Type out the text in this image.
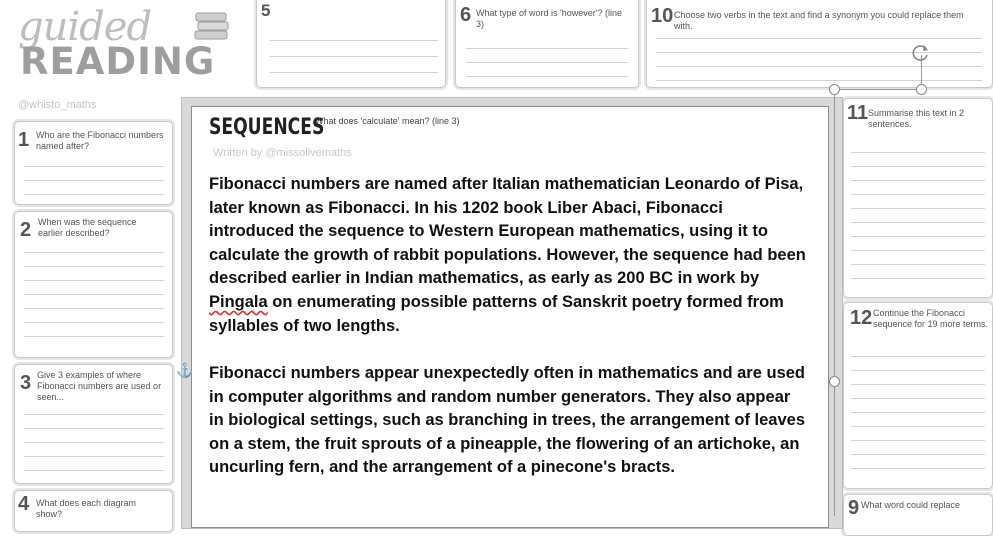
guided
READING
@whisto_maths
5	6 What type of word is 'however'? (line 3)	10 Choose two verbs in the text and find a synonym you could replace them with.
1 Who are the Fibonacci numbers named after?
2 When was the sequence earlier described?
3 Give 3 examples of where Fibonacci numbers are used or seen...
4 What does each diagram show?
11 Summarise this text in 2 sentences.
12 Continue the Fibonacci sequence for 19 more terms.
9 What word could replace
SEQUENCES
What does 'calculate' mean? (line 3)
Written by @missolivemaths

Fibonacci numbers are named after Italian mathematician Leonardo of Pisa, later known as Fibonacci. In his 1202 book Liber Abaci, Fibonacci introduced the sequence to Western European mathematics, using it to calculate the growth of rabbit populations. However, the sequence had been described earlier in Indian mathematics, as early as 200 BC in work by Pingala on enumerating possible patterns of Sanskrit poetry formed from syllables of two lengths.

Fibonacci numbers appear unexpectedly often in mathematics and are used in computer algorithms and random number generators. They also appear in biological settings, such as branching in trees, the arrangement of leaves on a stem, the fruit sprouts of a pineapple, the flowering of an artichoke, an uncurling fern, and the arrangement of a pinecone's bracts.

⚓
